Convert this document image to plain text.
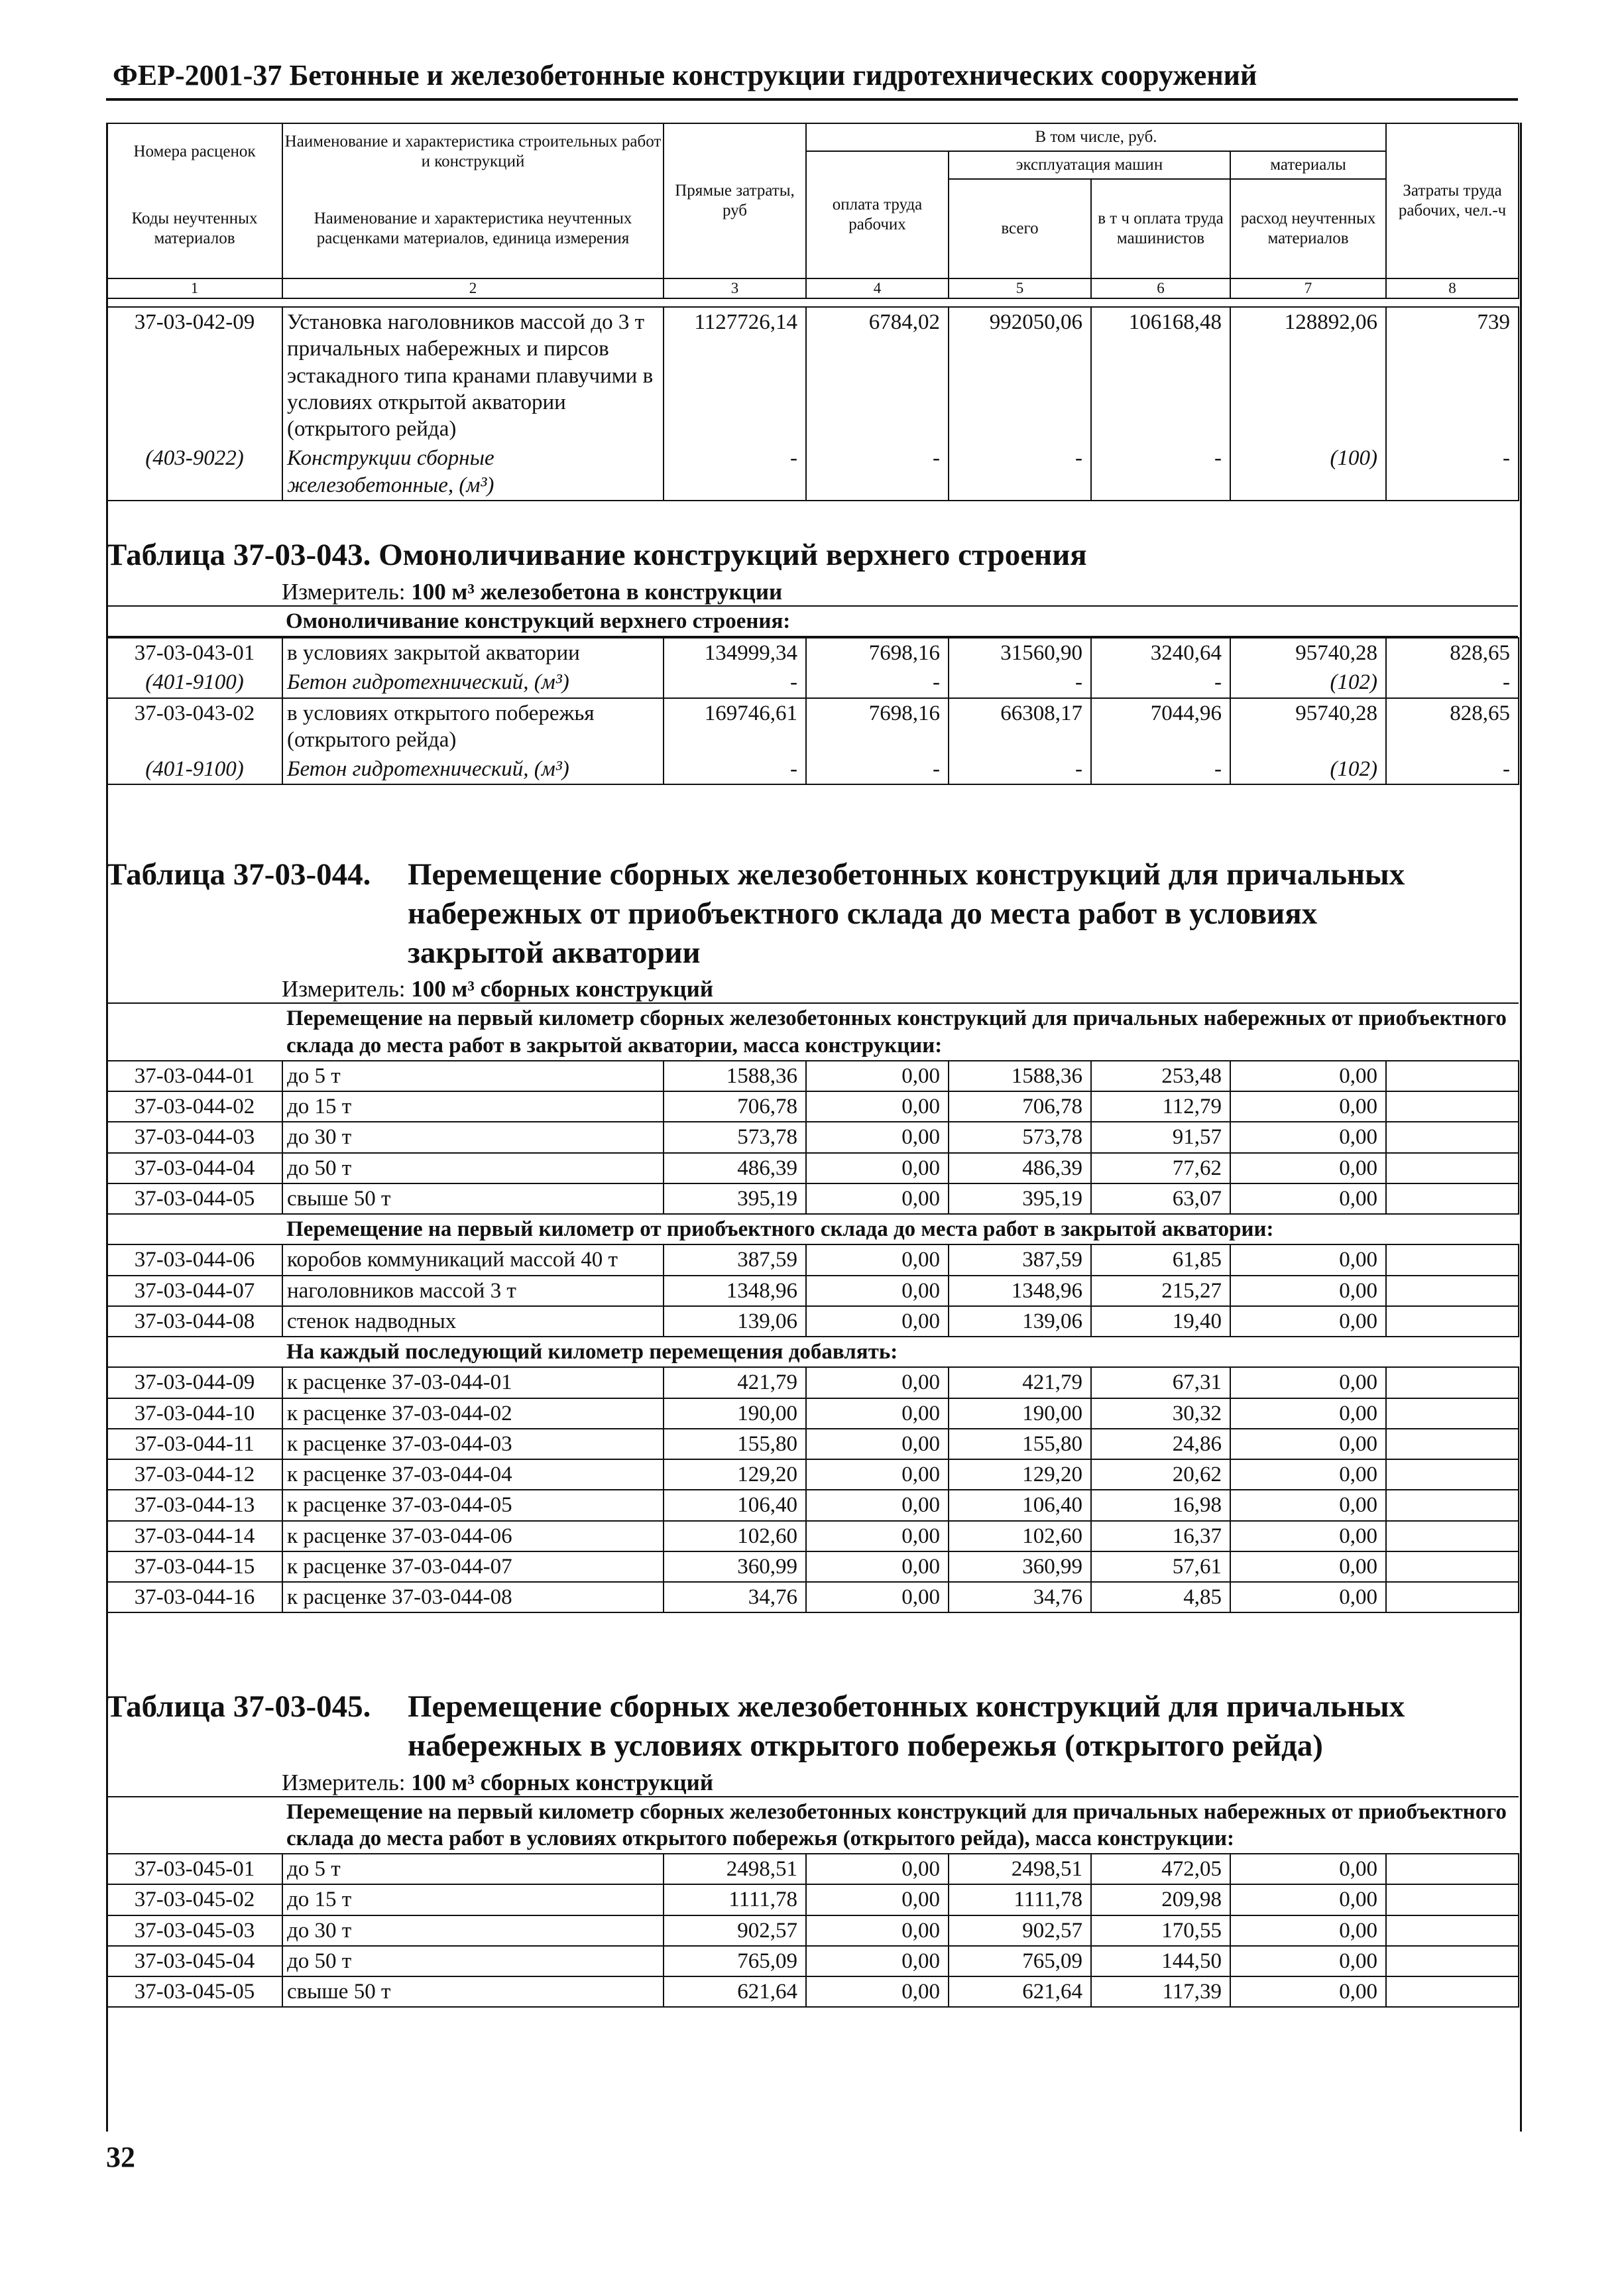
ФЕР-2001-37 Бетонные и железобетонные конструкции гидротехнических сооружений
Номера расценок	Наименование и характеристика строительных работ и конструкций	Прямые затраты, руб	В том числе, руб.				Затраты труда рабочих, чел.-ч
			оплата труда рабочих	эксплуатация машин		материалы	
Коды неучтенных материалов	Наименование и характеристика неучтенных расценками материалов, единица измерения			всего	в т ч оплата труда машинистов	расход неучтенных материалов	
1	2	3	4	5	6	7	8
37-03-042-09	Установка наголовников массой до 3 т причальных набережных и пирсов эстакадного типа кранами плавучими в условиях открытой акватории (открытого рейда)	1127726,14	6784,02	992050,06	106168,48	128892,06	739
(403-9022)	Конструкции сборные железобетонные, (м³)	-	-	-	-	(100)	-
Таблица 37-03-043. Омоноличивание конструкций верхнего строения
Измеритель: 100 м³ железобетона в конструкции
	Омоноличивание конструкций верхнего строения:
37-03-043-01	в условиях закрытой акватории	134999,34	7698,16	31560,90	3240,64	95740,28	828,65
(401-9100)	Бетон гидротехнический, (м³)	-	-	-	-	(102)	-
37-03-043-02	в условиях открытого побережья (открытого рейда)	169746,61	7698,16	66308,17	7044,96	95740,28	828,65
(401-9100)	Бетон гидротехнический, (м³)	-	-	-	-	(102)	-
Таблица 37-03-044. Перемещение сборных железобетонных конструкций для причальных
набережных от приобъектного склада до места работ в условиях
закрытой акватории
Измеритель: 100 м³ сборных конструкций
	Перемещение на первый километр сборных железобетонных конструкций для причальных набережных от приобъектного склада до места работ в закрытой акватории, масса конструкции:						
37-03-044-01	до 5 т	1588,36	0,00	1588,36	253,48	0,00	
37-03-044-02	до 15 т	706,78	0,00	706,78	112,79	0,00	
37-03-044-03	до 30 т	573,78	0,00	573,78	91,57	0,00	
37-03-044-04	до 50 т	486,39	0,00	486,39	77,62	0,00	
37-03-044-05	свыше 50 т	395,19	0,00	395,19	63,07	0,00	
	Перемещение на первый километр от приобъектного склада до места работ в закрытой акватории:						
37-03-044-06	коробов коммуникаций массой 40 т	387,59	0,00	387,59	61,85	0,00	
37-03-044-07	наголовников массой 3 т	1348,96	0,00	1348,96	215,27	0,00	
37-03-044-08	стенок надводных	139,06	0,00	139,06	19,40	0,00	
	На каждый последующий километр перемещения добавлять:						
37-03-044-09	к расценке 37-03-044-01	421,79	0,00	421,79	67,31	0,00	
37-03-044-10	к расценке 37-03-044-02	190,00	0,00	190,00	30,32	0,00	
37-03-044-11	к расценке 37-03-044-03	155,80	0,00	155,80	24,86	0,00	
37-03-044-12	к расценке 37-03-044-04	129,20	0,00	129,20	20,62	0,00	
37-03-044-13	к расценке 37-03-044-05	106,40	0,00	106,40	16,98	0,00	
37-03-044-14	к расценке 37-03-044-06	102,60	0,00	102,60	16,37	0,00	
37-03-044-15	к расценке 37-03-044-07	360,99	0,00	360,99	57,61	0,00	
37-03-044-16	к расценке 37-03-044-08	34,76	0,00	34,76	4,85	0,00	
Таблица 37-03-045. Перемещение сборных железобетонных конструкций для причальных
набережных в условиях открытого побережья (открытого рейда)
Измеритель: 100 м³ сборных конструкций
	Перемещение на первый километр сборных железобетонных конструкций для причальных набережных от приобъектного склада до места работ в условиях открытого побережья (открытого рейда), масса конструкции:						
37-03-045-01	до 5 т	2498,51	0,00	2498,51	472,05	0,00	
37-03-045-02	до 15 т	1111,78	0,00	1111,78	209,98	0,00	
37-03-045-03	до 30 т	902,57	0,00	902,57	170,55	0,00	
37-03-045-04	до 50 т	765,09	0,00	765,09	144,50	0,00	
37-03-045-05	свыше 50 т	621,64	0,00	621,64	117,39	0,00	
32
